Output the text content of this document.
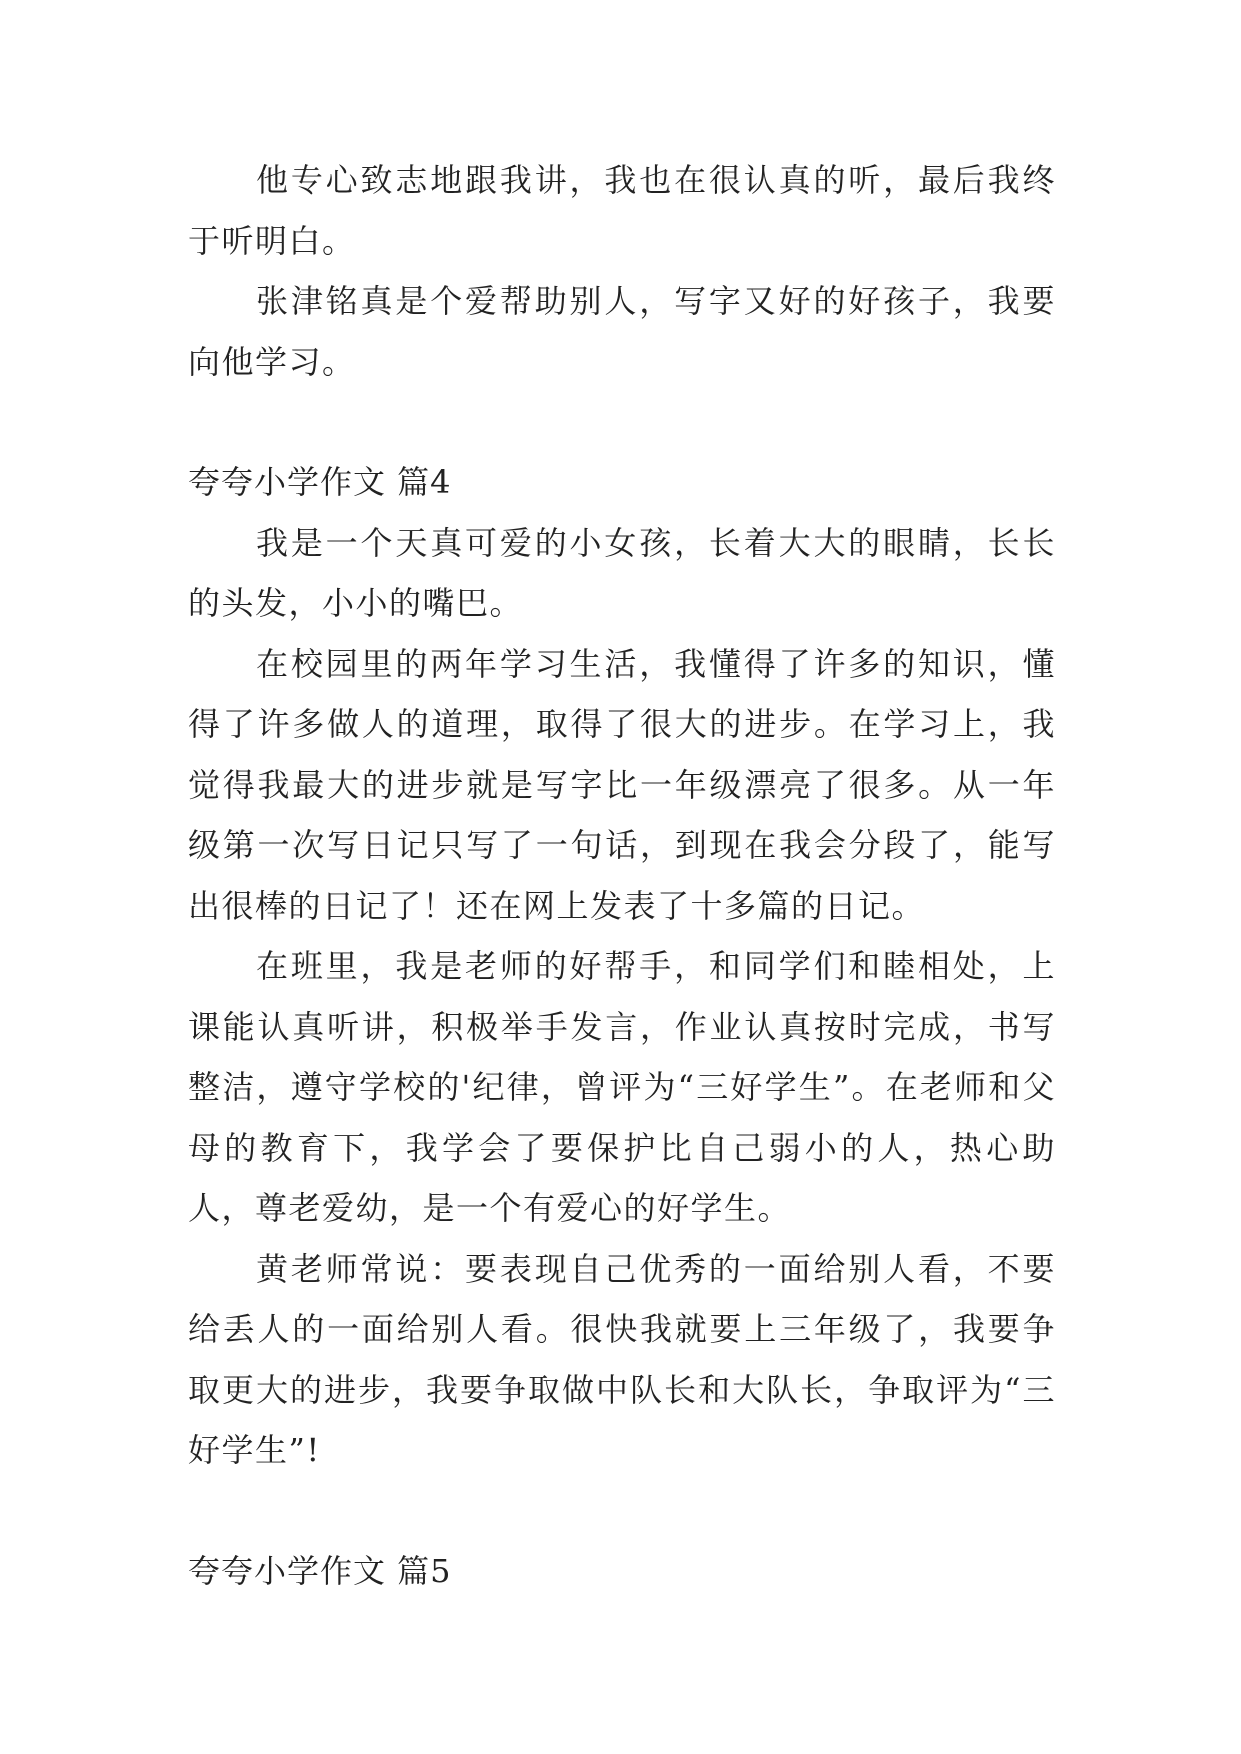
他专心致志地跟我讲，我也在很认真的听，最后我终于听明白。

张津铭真是个爱帮助别人，写字又好的好孩子，我要向他学习。

夸夸小学作文 篇4

我是一个天真可爱的小女孩，长着大大的眼睛，长长的头发，小小的嘴巴。

在校园里的两年学习生活，我懂得了许多的知识，懂得了许多做人的道理，取得了很大的进步。在学习上，我觉得我最大的进步就是写字比一年级漂亮了很多。从一年级第一次写日记只写了一句话，到现在我会分段了，能写出很棒的日记了！还在网上发表了十多篇的日记。

在班里，我是老师的好帮手，和同学们和睦相处，上课能认真听讲，积极举手发言，作业认真按时完成，书写整洁，遵守学校的'纪律，曾评为“三好学生”。在老师和父母的教育下，我学会了要保护比自己弱小的人，热心助人，尊老爱幼，是一个有爱心的好学生。

黄老师常说：要表现自己优秀的一面给别人看，不要给丢人的一面给别人看。很快我就要上三年级了，我要争取更大的进步，我要争取做中队长和大队长，争取评为“三好学生”!

夸夸小学作文 篇5
